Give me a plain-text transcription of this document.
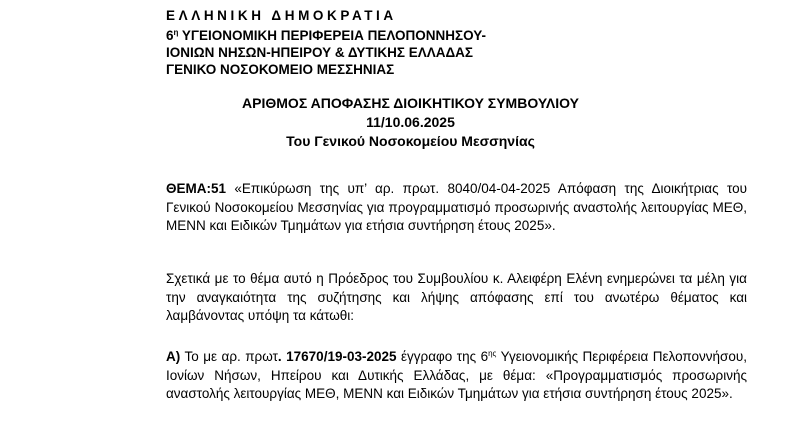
ΕΛΛΗΝΙΚΗ ΔΗΜΟΚΡΑΤΙΑ
$6^\eta$ ΥΓΕΙΟΝΟΜΙΚΗ ΠΕΡΙΦΕΡΕΙΑ ΠΕΛΟΠΟΝΝΗΣΟΥ-
ΙΟΝΙΩΝ ΝΗΣΩΝ-ΗΠΕΙΡΟΥ & ΔΥΤΙΚΗΣ ΕΛΛΑΔΑΣ
ΓΕΝΙΚΟ ΝΟΣΟΚΟΜΕΙΟ ΜΕΣΣΗΝΙΑΣ
ΑΡΙΘΜΟΣ ΑΠΟΦΑΣΗΣ ΔΙΟΙΚΗΤΙΚΟΥ ΣΥΜΒΟΥΛΙΟΥ
11/10.06.2025
Του Γενικού Νοσοκομείου Μεσσηνίας
ΘΕΜΑ:51 «Επικύρωση της υπ’ αρ. πρωτ. 8040/04-04-2025 Απόφαση της Διοικήτριας του Γενικού Νοσοκομείου Μεσσηνίας για προγραμματισμό προσωρινής αναστολής λειτουργίας ΜΕΘ, ΜΕΝΝ και Ειδικών Τμημάτων για ετήσια συντήρηση έτους 2025».
Σχετικά με το θέμα αυτό η Πρόεδρος του Συμβουλίου κ. Αλειφέρη Ελένη ενημερώνει τα μέλη για την αναγκαιότητα της συζήτησης και λήψης απόφασης επί του ανωτέρω θέματος και λαμβάνοντας υπόψη τα κάτωθι:
Α) Το με αρ. πρωτ. 17670/19-03-2025 έγγραφο της $6^{\eta\varsigma}$ Υγειονομικής Περιφέρεια Πελοποννήσου, Ιονίων Νήσων, Ηπείρου και Δυτικής Ελλάδας, με θέμα: «Προγραμματισμός προσωρινής αναστολής λειτουργίας ΜΕΘ, ΜΕΝΝ και Ειδικών Τμημάτων για ετήσια συντήρηση έτους 2025».
